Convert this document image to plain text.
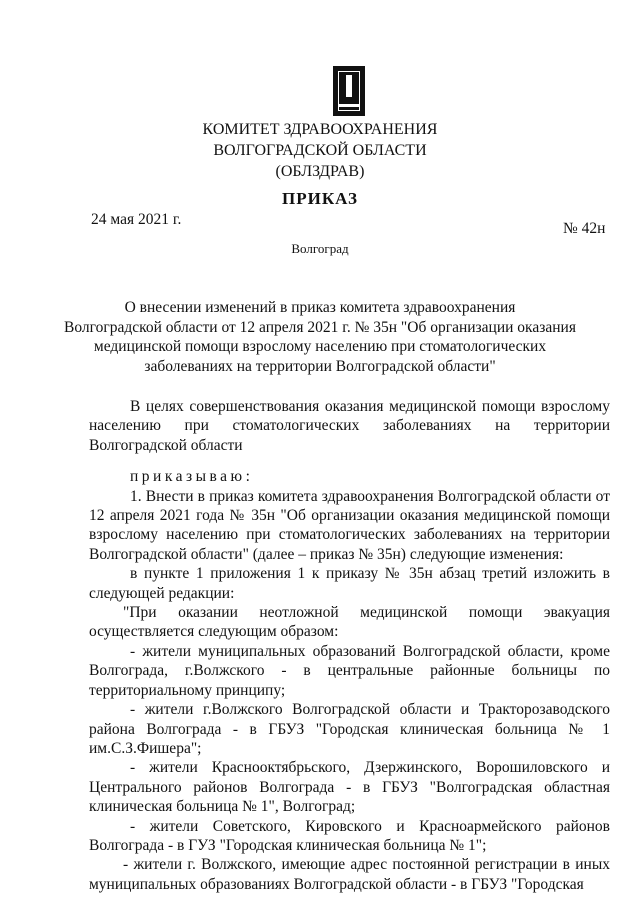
КОМИТЕТ ЗДРАВООХРАНЕНИЯ
ВОЛГОГРАДСКОЙ ОБЛАСТИ
(ОБЛЗДРАВ)
ПРИКАЗ
24 мая 2021 г.
№ 42н
Волгоград
О внесении изменений в приказ комитета здравоохранения
Волгоградской области от 12 апреля 2021 г. № 35н "Об организации оказания
медицинской помощи взрослому населению при стоматологических
заболеваниях на территории Волгоградской области"

В целях совершенствования оказания медицинской помощи взрослому населению при стоматологических заболеваниях на территории Волгоградской области

приказываю:

1. Внести в приказ комитета здравоохранения Волгоградской области от 12 апреля 2021 года № 35н "Об организации оказания медицинской помощи взрослому населению при стоматологических заболеваниях на территории Волгоградской области" (далее – приказ № 35н) следующие изменения:

в пункте 1 приложения 1 к приказу № 35н абзац третий изложить в следующей редакции:

"При оказании неотложной медицинской помощи эвакуация осуществляется следующим образом:

- жители муниципальных образований Волгоградской области, кроме Волгограда, г.Волжского - в центральные районные больницы по территориальному принципу;

- жители г.Волжского Волгоградской области и Тракторозаводского района Волгограда - в ГБУЗ "Городская клиническая больница № 1 им.С.З.Фишера";

- жители Краснооктябрьского, Дзержинского, Ворошиловского и Центрального районов Волгограда - в ГБУЗ "Волгоградская областная клиническая больница № 1", Волгоград;

- жители Советского, Кировского и Красноармейского районов Волгограда - в ГУЗ "Городская клиническая больница № 1";

- жители г. Волжского, имеющие адрес постоянной регистрации в иных муниципальных образованиях Волгоградской области - в ГБУЗ "Городская
